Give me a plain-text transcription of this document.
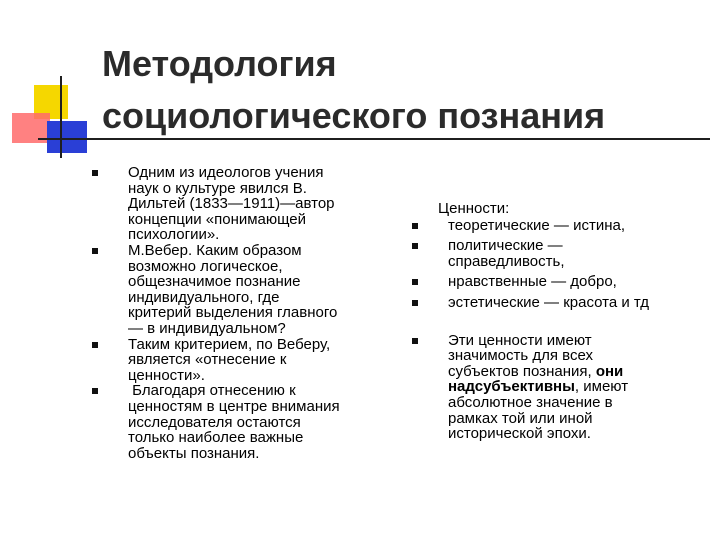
Методология
социологического познания
Одним из идеологов учения
наук о культуре явился В.
Дильтей (1833—1911)—автор
концепции «понимающей
психологии».
М.Вебер. Каким образом
возможно логическое,
общезначимое познание
индивидуального, где
критерий выделения главного
— в индивидуальном?
Таким критерием, по Веберу,
является «отнесение к
ценности».
Благодаря отнесению к
ценностям в центре внимания
исследователя остаются
только наиболее важные
объекты познания.
Ценности:
теоретические — истина,
политические —
справедливость,
нравственные — добро,
эстетические — красота и тд
Эти ценности имеют
значимость для всех
субъектов познания, они
надсубъективны, имеют
абсолютное значение в
рамках той или иной
исторической эпохи.
